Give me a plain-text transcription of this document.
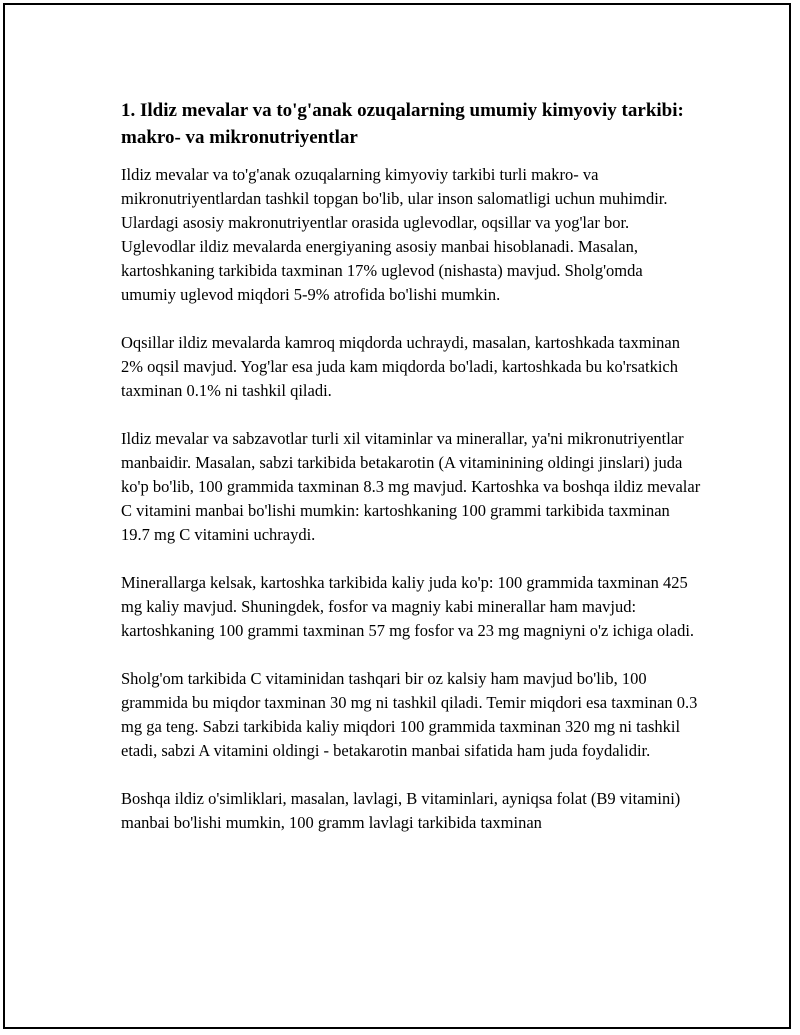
1. Ildiz mevalar va to'g'anak ozuqalarning umumiy kimyoviy tarkibi: makro- va mikronutriyentlar

Ildiz mevalar va to'g'anak ozuqalarning kimyoviy tarkibi turli makro- va mikronutriyentlardan tashkil topgan bo'lib, ular inson salomatligi uchun muhimdir. Ulardagi asosiy makronutriyentlar orasida uglevodlar, oqsillar va yog'lar bor. Uglevodlar ildiz mevalarda energiyaning asosiy manbai hisoblanadi. Masalan, kartoshkaning tarkibida taxminan 17% uglevod (nishasta) mavjud. Sholg'omda umumiy uglevod miqdori 5-9% atrofida bo'lishi mumkin.

Oqsillar ildiz mevalarda kamroq miqdorda uchraydi, masalan, kartoshkada taxminan 2% oqsil mavjud. Yog'lar esa juda kam miqdorda bo'ladi, kartoshkada bu ko'rsatkich taxminan 0.1% ni tashkil qiladi.

Ildiz mevalar va sabzavotlar turli xil vitaminlar va minerallar, ya'ni mikronutriyentlar manbaidir. Masalan, sabzi tarkibida betakarotin (A vitaminining oldingi jinslari) juda ko'p bo'lib, 100 grammida taxminan 8.3 mg mavjud. Kartoshka va boshqa ildiz mevalar C vitamini manbai bo'lishi mumkin: kartoshkaning 100 grammi tarkibida taxminan 19.7 mg C vitamini uchraydi.

Minerallarga kelsak, kartoshka tarkibida kaliy juda ko'p: 100 grammida taxminan 425 mg kaliy mavjud. Shuningdek, fosfor va magniy kabi minerallar ham mavjud: kartoshkaning 100 grammi taxminan 57 mg fosfor va 23 mg magniyni o'z ichiga oladi.

Sholg'om tarkibida C vitaminidan tashqari bir oz kalsiy ham mavjud bo'lib, 100 grammida bu miqdor taxminan 30 mg ni tashkil qiladi. Temir miqdori esa taxminan 0.3 mg ga teng. Sabzi tarkibida kaliy miqdori 100 grammida taxminan 320 mg ni tashkil etadi, sabzi A vitamini oldingi - betakarotin manbai sifatida ham juda foydalidir.

Boshqa ildiz o'simliklari, masalan, lavlagi, B vitaminlari, ayniqsa folat (B9 vitamini) manbai bo'lishi mumkin, 100 gramm lavlagi tarkibida taxminan
